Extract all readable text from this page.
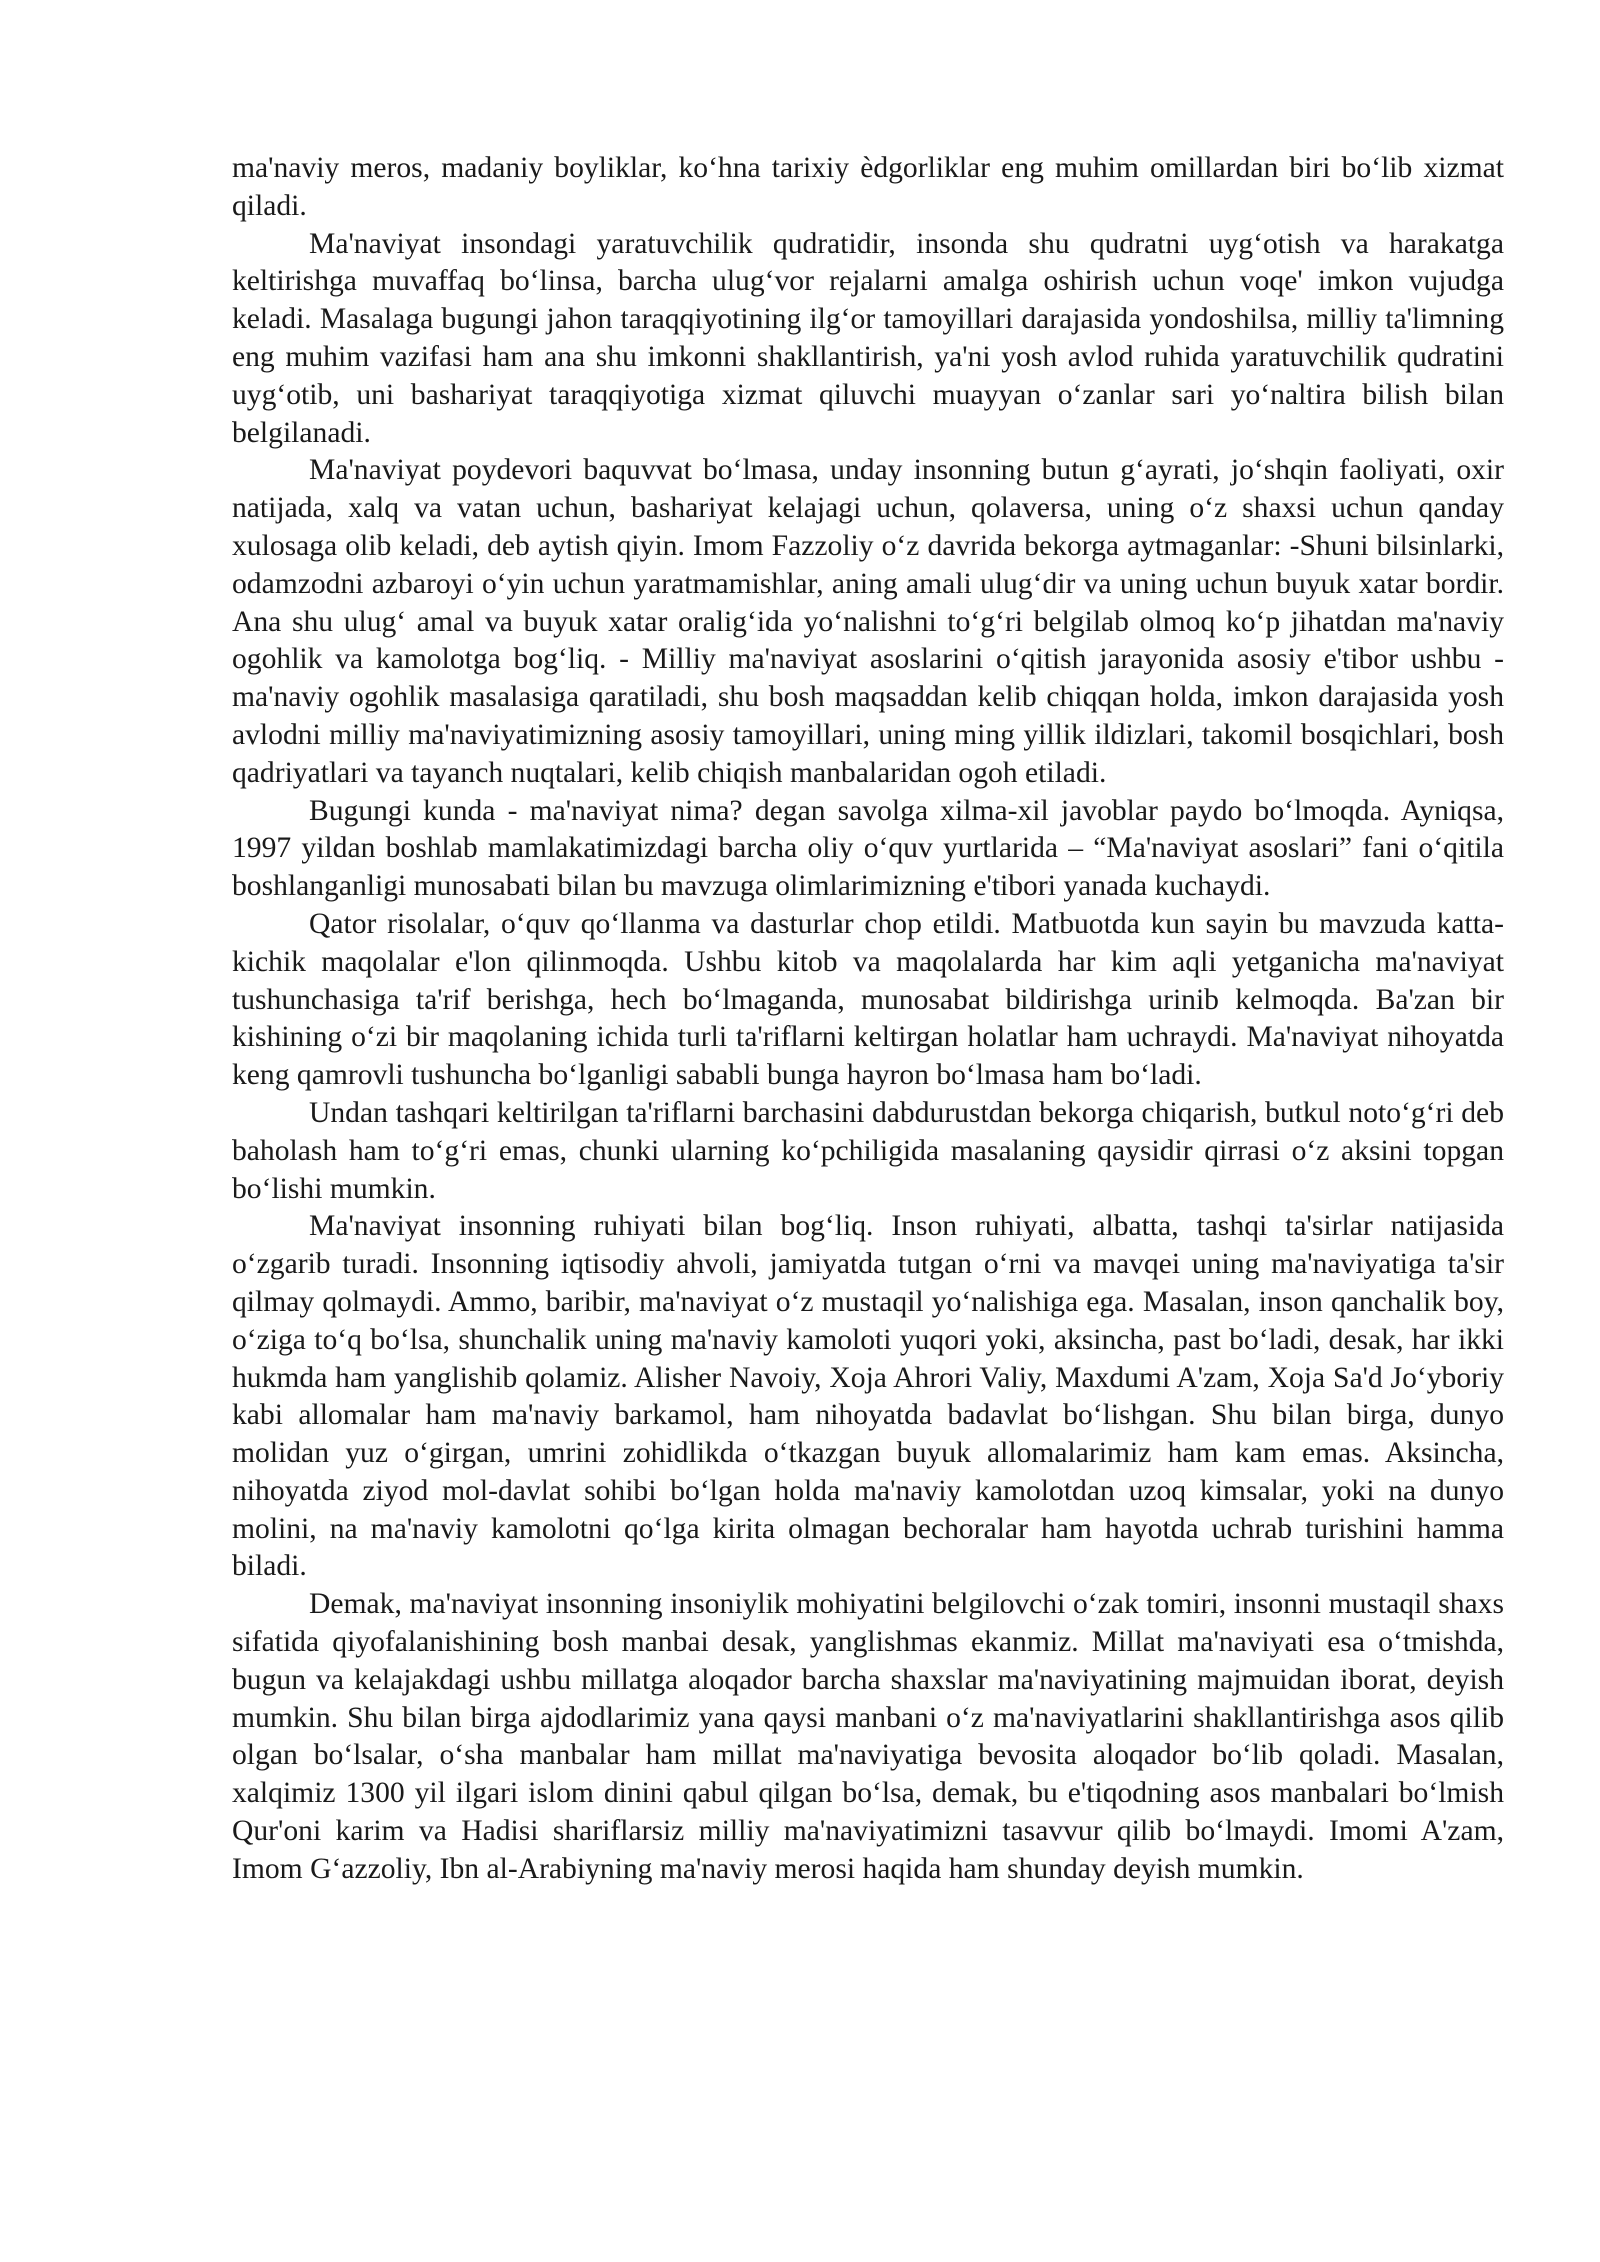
ma'naviy meros, madaniy boyliklar, koʻhna tarixiy èdgorliklar eng muhim omillardan biri boʻlib xizmat qiladi.

Ma'naviyat insondagi yaratuvchilik qudratidir, insonda shu qudratni uygʻotish va harakatga keltirishga muvaffaq boʻlinsa, barcha ulugʻvor rejalarni amalga oshirish uchun voqe' imkon vujudga keladi. Masalaga bugungi jahon taraqqiyotining ilgʻor tamoyillari darajasida yondoshilsa, milliy ta'limning eng muhim vazifasi ham ana shu imkonni shakllantirish, ya'ni yosh avlod ruhida yaratuvchilik qudratini uygʻotib, uni bashariyat taraqqiyotiga xizmat qiluvchi muayyan oʻzanlar sari yoʻnaltira bilish bilan belgilanadi.

Ma'naviyat poydevori baquvvat boʻlmasa, unday insonning butun gʻayrati, joʻshqin faoliyati, oxir natijada, xalq va vatan uchun, bashariyat kelajagi uchun, qolaversa, uning oʻz shaxsi uchun qanday xulosaga olib keladi, deb aytish qiyin. Imom Fazzoliy oʻz davrida bekorga aytmaganlar: -Shuni bilsinlarki, odamzodni azbaroyi oʻyin uchun yaratmamishlar, aning amali ulugʻdir va uning uchun buyuk xatar bordir. Ana shu ulugʻ amal va buyuk xatar oraligʻida yoʻnalishni toʻgʻri belgilab olmoq koʻp jihatdan ma'naviy ogohlik va kamolotga bogʻliq. - Milliy ma'naviyat asoslarini oʻqitish jarayonida asosiy e'tibor ushbu - ma'naviy ogohlik masalasiga qaratiladi, shu bosh maqsaddan kelib chiqqan holda, imkon darajasida yosh avlodni milliy ma'naviyatimizning asosiy tamoyillari, uning ming yillik ildizlari, takomil bosqichlari, bosh qadriyatlari va tayanch nuqtalari, kelib chiqish manbalaridan ogoh etiladi.

Bugungi kunda - ma'naviyat nima? degan savolga xilma-xil javoblar paydo boʻlmoqda. Ayniqsa, 1997 yildan boshlab mamlakatimizdagi barcha oliy oʻquv yurtlarida – “Ma'naviyat asoslari” fani oʻqitila boshlanganligi munosabati bilan bu mavzuga olimlarimizning e'tibori yanada kuchaydi.

Qator risolalar, oʻquv qoʻllanma va dasturlar chop etildi. Matbuotda kun sayin bu mavzuda katta-kichik maqolalar e'lon qilinmoqda. Ushbu kitob va maqolalarda har kim aqli yetganicha ma'naviyat tushunchasiga ta'rif berishga, hech boʻlmaganda, munosabat bildirishga urinib kelmoqda. Ba'zan bir kishining oʻzi bir maqolaning ichida turli ta'riflarni keltirgan holatlar ham uchraydi. Ma'naviyat nihoyatda keng qamrovli tushuncha boʻlganligi sababli bunga hayron boʻlmasa ham boʻladi.

Undan tashqari keltirilgan ta'riflarni barchasini dabdurustdan bekorga chiqarish, butkul notoʻgʻri deb baholash ham toʻgʻri emas, chunki ularning koʻpchiligida masalaning qaysidir qirrasi oʻz aksini topgan boʻlishi mumkin.

Ma'naviyat insonning ruhiyati bilan bogʻliq. Inson ruhiyati, albatta, tashqi ta'sirlar natijasida oʻzgarib turadi. Insonning iqtisodiy ahvoli, jamiyatda tutgan oʻrni va mavqei uning ma'naviyatiga ta'sir qilmay qolmaydi. Ammo, baribir, ma'naviyat oʻz mustaqil yoʻnalishiga ega. Masalan, inson qanchalik boy, oʻziga toʻq boʻlsa, shunchalik uning ma'naviy kamoloti yuqori yoki, aksincha, past boʻladi, desak, har ikki hukmda ham yanglishib qolamiz. Alisher Navoiy, Xoja Ahrori Valiy, Maxdumi A'zam, Xoja Sa'd Joʻyboriy kabi allomalar ham ma'naviy barkamol, ham nihoyatda badavlat boʻlishgan. Shu bilan birga, dunyo molidan yuz oʻgirgan, umrini zohidlikda oʻtkazgan buyuk allomalarimiz ham kam emas. Aksincha, nihoyatda ziyod mol-davlat sohibi boʻlgan holda ma'naviy kamolotdan uzoq kimsalar, yoki na dunyo molini, na ma'naviy kamolotni qoʻlga kirita olmagan bechoralar ham hayotda uchrab turishini hamma biladi.

Demak, ma'naviyat insonning insoniylik mohiyatini belgilovchi oʻzak tomiri, insonni mustaqil shaxs sifatida qiyofalanishining bosh manbai desak, yanglishmas ekanmiz. Millat ma'naviyati esa oʻtmishda, bugun va kelajakdagi ushbu millatga aloqador barcha shaxslar ma'naviyatining majmuidan iborat, deyish mumkin. Shu bilan birga ajdodlarimiz yana qaysi manbani oʻz ma'naviyatlarini shakllantirishga asos qilib olgan boʻlsalar, oʻsha manbalar ham millat ma'naviyatiga bevosita aloqador boʻlib qoladi. Masalan, xalqimiz 1300 yil ilgari islom dinini qabul qilgan boʻlsa, demak, bu e'tiqodning asos manbalari boʻlmish Qur'oni karim va Hadisi shariflarsiz milliy ma'naviyatimizni tasavvur qilib boʻlmaydi. Imomi A'zam, Imom Gʻazzoliy, Ibn al-Arabiyning ma'naviy merosi haqida ham shunday deyish mumkin.
